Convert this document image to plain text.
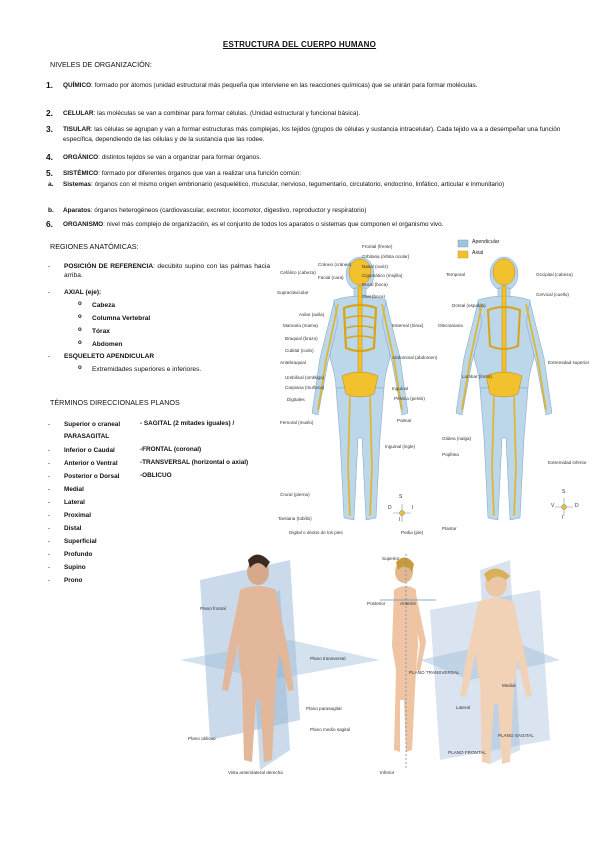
ESTRUCTURA DEL CUERPO HUMANO
NIVELES DE ORGANIZACIÓN:
1. QUÍMICO: formado por átomos (unidad estructural más pequeña que interviene en las reacciones químicas) que se unirán para formar moléculas.
2. CELULAR: las moléculas se van a combinar para formar células. (Unidad estructural y funcional básica).
3. TISULAR: las células se agrupan y van a formar estructuras más complejas, los tejidos (grupos de células y sustancia intracelular). Cada tejido va a a desempeñar una función específica, dependiendo de las células y de la sustancia que las rodee.
4. ORGÁNICO: distintos tejidos se van a organizar para formar órganos.
5. SISTÉMICO: formado por diferentes órganos que van a realizar una función común:
a. Sistemas: órganos con el mismo origen embrionario (esquelético, muscular, nervioso, tegumentario, circulatorio, endocrino, linfático, articular e inmunitario)
b. Aparatos: órganos heterogéneos (cardiovascular, excretor, locomotor, digestivo, reproductor y respiratorio)
6. ORGANISMO: nivel más complejo de organización, es el conjunto de todos los aparatos o sistemas que componen el organismo vivo.
REGIONES ANATÓMICAS:
- POSICIÓN DE REFERENCIA: decúbito supino con las palmas hacia arriba.
- AXIAL (eje):
o Cabeza
o Columna Vertebral
o Tórax
o Abdomen
- ESQUELETO APENDICULAR
o Extremidades superiores e inferiores.
TÉRMINOS DIRECCIONALES PLANOS
- Superior o craneal
PARASAGITAL
- Inferior o Caudal
- Anterior o Ventral
- Posterior o Dorsal
- Medial
- Lateral
- Proximal
- Distal
- Superficial
- Profundo
- Supino
- Prono
- SAGITAL (2 mitades iguales) /
-FRONTAL (coronal)
-TRANSVERSAL (horizontal o axial)
-OBLICUO
Cráneo (cráneo)
Cefálico (cabeza)
Facial (cara)
Frontal (frente)
Orbitaria (órbita ocular)
Nasal (nariz)
Cigomático (mejilla)
Bucal (boca)
Oral (boca)
Supraclavicular
Axilar (axila)
Mamaria (mama)
Braquial (brazo)
Cubital (codo)
Antebraquial
Umbilical (ombligo)
Carpiana (muñeca)
Digitales
Femoral (muslo)
Crural (pierna)
Tarsiana (tobillo)
Digital o dedos de los pies
Esternal (tórax)
Abdominal (abdomen)
Inguinal
Pélvica (pelvis)
Palmar
Inguinal (ingle)
Pedia (pie)
Temporal	Occipital (cabeza)
Cervical (cuello)
Dorsal (espalda)
Olecraniana
Lumbar (lomo)
Extremidad superior
Glútea (nalga)
Extremidad inferior
Poplítea
Plantar
Apendicular
Axial
S
D	I
I
S
V	D
I
Plano frontal
Plano transversal
Plano parasagital
Plano medio sagital
Plano oblicuo
Vista anterolateral derecha
Superior
Posterior	Anterior
Inferior
PLANO TRANSVERSAL
PLANO FRONTAL
PLANO SAGITAL
Lateral
Medial
